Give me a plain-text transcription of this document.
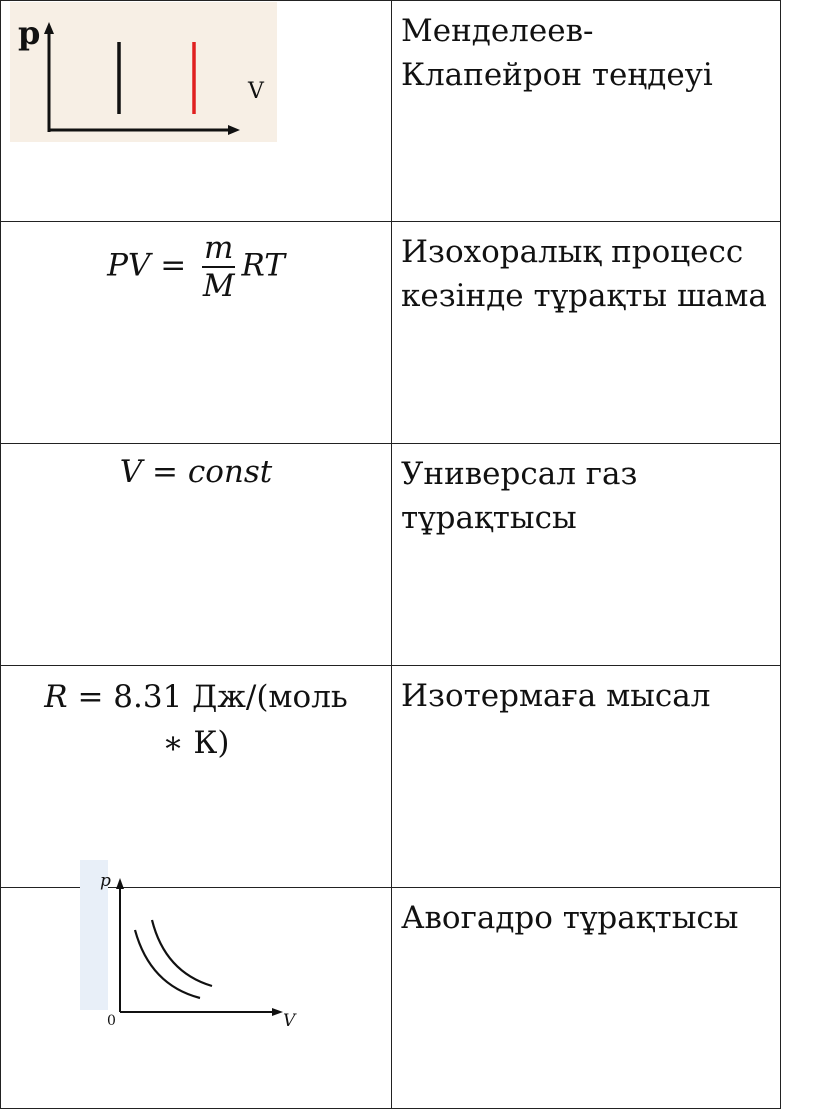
	Менделеев-Клапейрон теңдеуі

PV = $\frac{m}{M}$ RT	Изохоралық процесс кезінде тұрақты шама

V = const	Универсал газ тұрақтысы

R = 8.31 Дж/(моль
∗ К)	Изотермаға мысал
	Авогадро тұрақтысы
p
V
p
V
0
